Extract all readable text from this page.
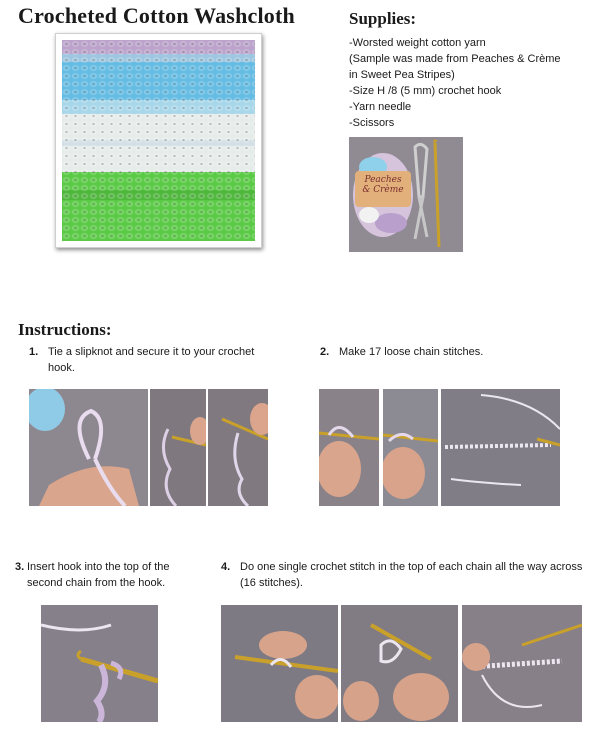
Crocheted Cotton Washcloth	Supplies:
-Worsted weight cotton yarn
(Sample was made from Peaches & Crème
in Sweet Pea Stripes)
-Size H /8 (5 mm) crochet hook
-Yarn needle
-Scissors
Peaches
& Crème
Instructions:
1. Tie a slipknot and secure it to your crochet hook.
2. Make 17 loose chain stitches.
3. Insert hook into the top of the second chain from the hook.
4. Do one single crochet stitch in the top of each chain all the way across (16 stitches).
